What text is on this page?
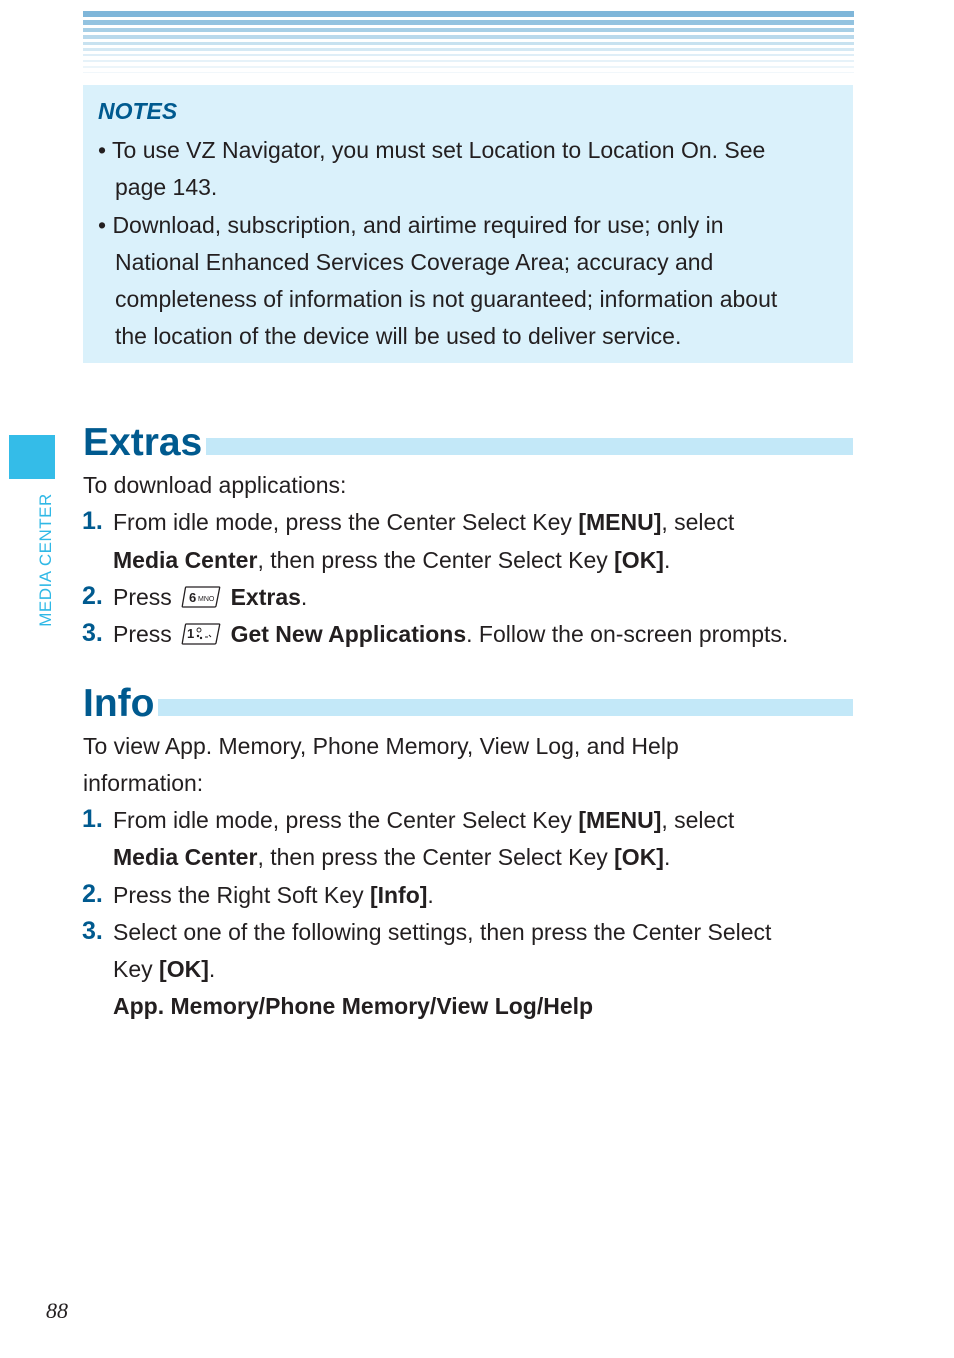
NOTES
• To use VZ Navigator, you must set Location to Location On. See
page 143.
• Download, subscription, and airtime required for use; only in
National Enhanced Services Coverage Area; accuracy and
completeness of information is not guaranteed; information about
the location of the device will be used to deliver service.
MEDIA CENTER
Extras
To download applications:
1. From idle mode, press the Center Select Key [MENU], select
Media Center, then press the Center Select Key [OK].
2. Press 6 MNO Extras.
3. Press 1 Get New Applications. Follow the on-screen prompts.
Info
To view App. Memory, Phone Memory, View Log, and Help
information:
1. From idle mode, press the Center Select Key [MENU], select
Media Center, then press the Center Select Key [OK].
2. Press the Right Soft Key [Info].
3. Select one of the following settings, then press the Center Select
Key [OK].
App. Memory/Phone Memory/View Log/Help
88
